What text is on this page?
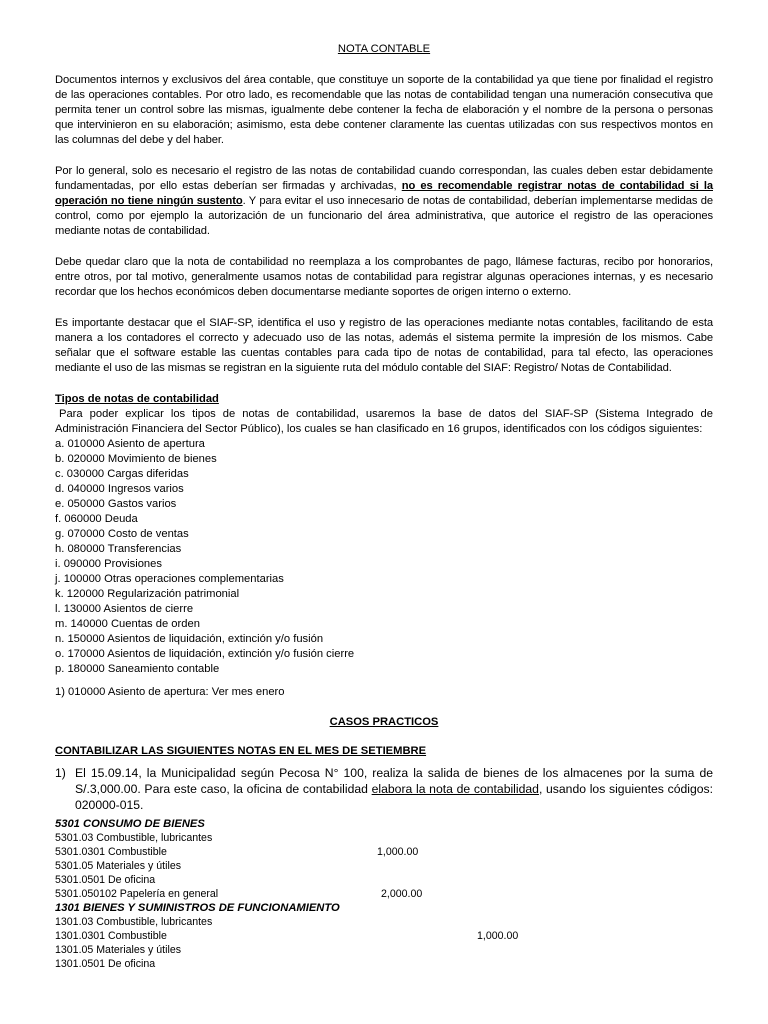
NOTA CONTABLE

Documentos internos y exclusivos del área contable, que constituye un soporte de la contabilidad ya que tiene por finalidad el registro de las operaciones contables. Por otro lado, es recomendable que las notas de contabilidad tengan una numeración consecutiva que permita tener un control sobre las mismas, igualmente debe contener la fecha de elaboración y el nombre de la persona o personas que intervinieron en su elaboración; asimismo, esta debe contener claramente las cuentas utilizadas con sus respectivos montos en las columnas del debe y del haber.

Por lo general, solo es necesario el registro de las notas de contabilidad cuando correspondan, las cuales deben estar debidamente fundamentadas, por ello estas deberían ser firmadas y archivadas, no es recomendable registrar notas de contabilidad si la operación no tiene ningún sustento. Y para evitar el uso innecesario de notas de contabilidad, deberían implementarse medidas de control, como por ejemplo la autorización de un funcionario del área administrativa, que autorice el registro de las operaciones mediante notas de contabilidad.

Debe quedar claro que la nota de contabilidad no reemplaza a los comprobantes de pago, llámese facturas, recibo por honorarios, entre otros, por tal motivo, generalmente usamos notas de contabilidad para registrar algunas operaciones internas, y es necesario recordar que los hechos económicos deben documentarse mediante soportes de origen interno o externo.

Es importante destacar que el SIAF-SP, identifica el uso y registro de las operaciones mediante notas contables, facilitando de esta manera a los contadores el correcto y adecuado uso de las notas, además el sistema permite la impresión de los mismos. Cabe señalar que el software estable las cuentas contables para cada tipo de notas de contabilidad, para tal efecto, las operaciones mediante el uso de las mismas se registran en la siguiente ruta del módulo contable del SIAF: Registro/ Notas de Contabilidad.

Tipos de notas de contabilidad

Para poder explicar los tipos de notas de contabilidad, usaremos la base de datos del SIAF-SP (Sistema Integrado de Administración Financiera del Sector Público), los cuales se han clasificado en 16 grupos, identificados con los códigos siguientes:

a. 010000 Asiento de apertura
b. 020000 Movimiento de bienes
c. 030000 Cargas diferidas
d. 040000 Ingresos varios
e. 050000 Gastos varios
f. 060000 Deuda
g. 070000 Costo de ventas
h. 080000 Transferencias
i. 090000 Provisiones
j. 100000 Otras operaciones complementarias
k. 120000 Regularización patrimonial
l. 130000 Asientos de cierre
m. 140000 Cuentas de orden
n. 150000 Asientos de liquidación, extinción y/o fusión
o. 170000 Asientos de liquidación, extinción y/o fusión cierre
p. 180000 Saneamiento contable

1) 010000 Asiento de apertura: Ver mes enero

CASOS PRACTICOS

CONTABILIZAR LAS SIGUIENTES NOTAS EN EL MES DE SETIEMBRE

1) El 15.09.14, la Municipalidad según Pecosa N° 100, realiza la salida de bienes de los almacenes por la suma de S/.3,000.00. Para este caso, la oficina de contabilidad elabora la nota de contabilidad, usando los siguientes códigos: 020000-015.

5301 CONSUMO DE BIENES

5301.03 Combustible, lubricantes
5301.0301 Combustible	1,000.00
5301.05 Materiales y útiles
5301.0501 De oficina
5301.050102 Papelería en general	2,000.00

1301 BIENES Y SUMINISTROS DE FUNCIONAMIENTO

1301.03 Combustible, lubricantes
1301.0301 Combustible	1,000.00
1301.05 Materiales y útiles
1301.0501 De oficina
